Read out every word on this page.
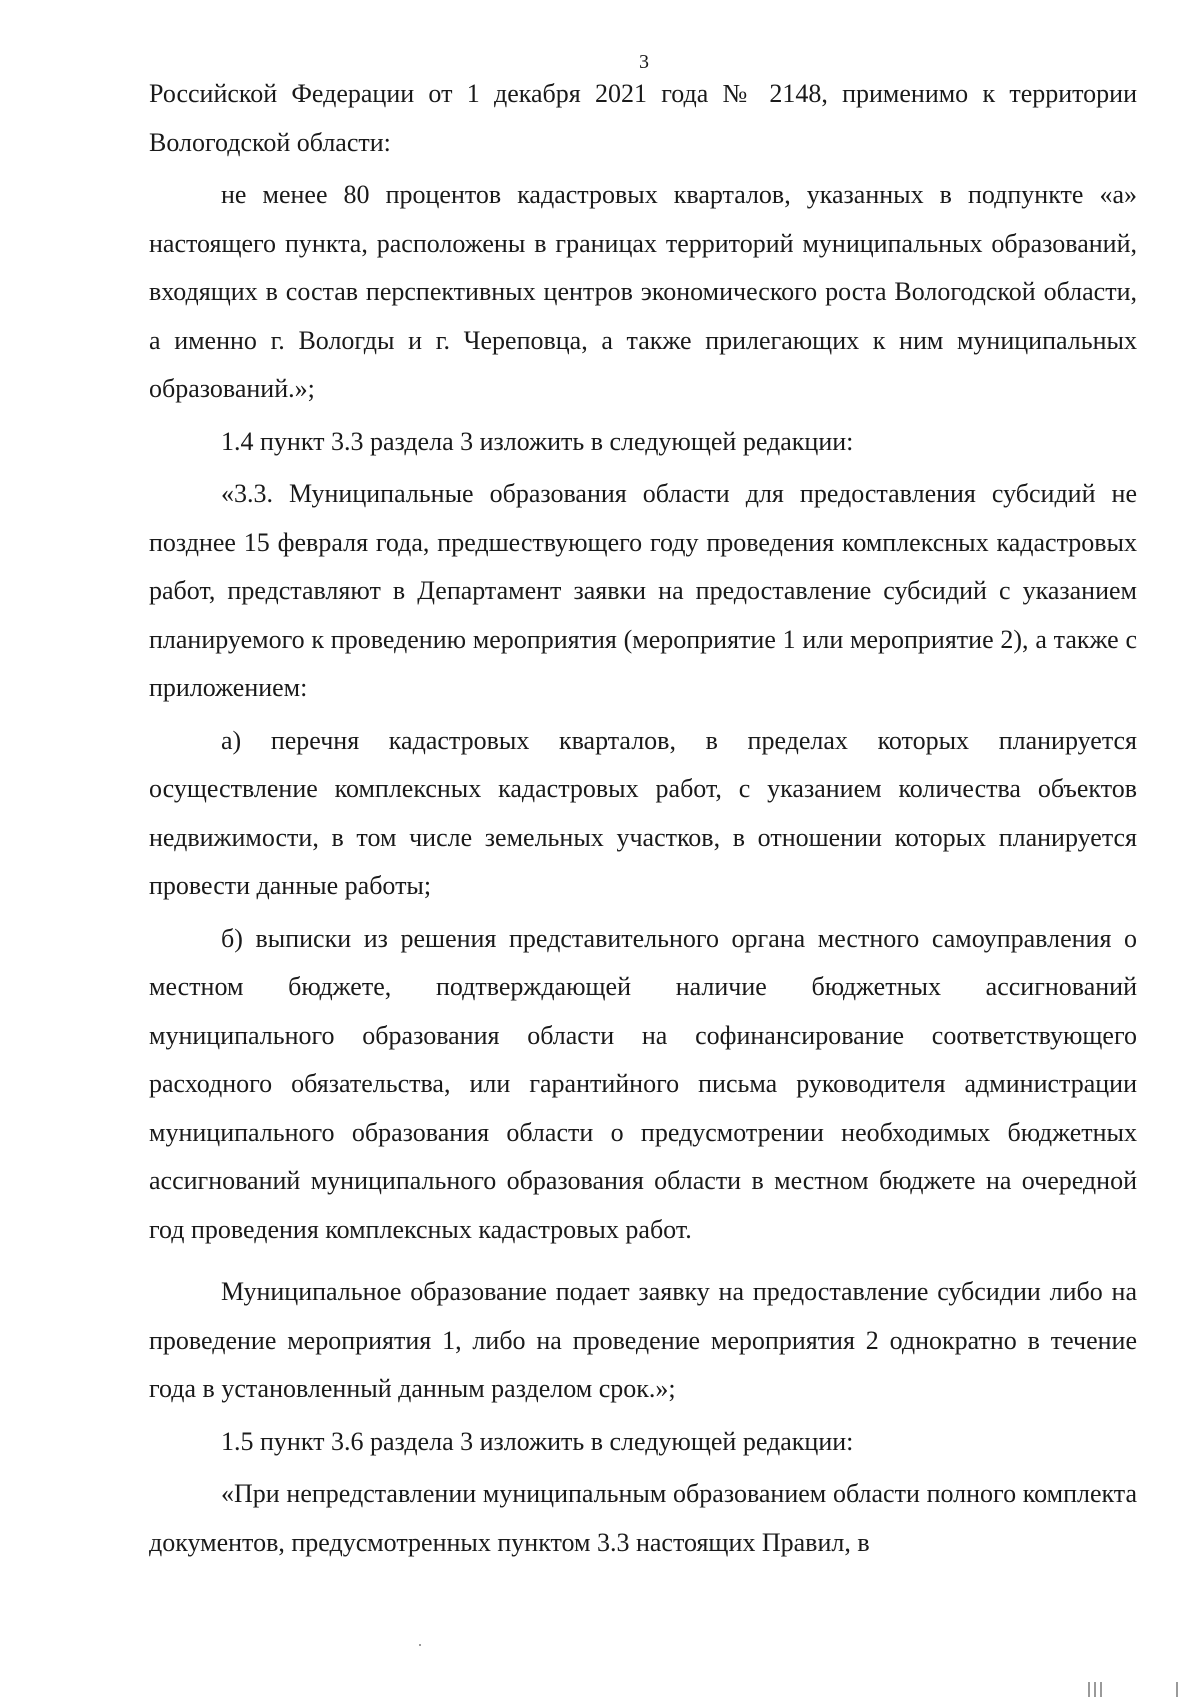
3

Российской Федерации от 1 декабря 2021 года № 2148, применимо к территории Вологодской области:

не менее 80 процентов кадастровых кварталов, указанных в подпункте «а» настоящего пункта, расположены в границах территорий муниципальных образований, входящих в состав перспективных центров экономического роста Вологодской области, а именно г. Вологды и г. Череповца, а также прилегающих к ним муниципальных образований.»;

1.4 пункт 3.3 раздела 3 изложить в следующей редакции:

«3.3. Муниципальные образования области для предоставления субсидий не позднее 15 февраля года, предшествующего году проведения комплексных кадастровых работ, представляют в Департамент заявки на предоставление субсидий с указанием планируемого к проведению мероприятия (мероприятие 1 или мероприятие 2), а также с приложением:

а) перечня кадастровых кварталов, в пределах которых планируется осуществление комплексных кадастровых работ, с указанием количества объектов недвижимости, в том числе земельных участков, в отношении которых планируется провести данные работы;

б) выписки из решения представительного органа местного самоуправления о местном бюджете, подтверждающей наличие бюджетных ассигнований муниципального образования области на софинансирование соответствующего расходного обязательства, или гарантийного письма руководителя администрации муниципального образования области о предусмотрении необходимых бюджетных ассигнований муниципального образования области в местном бюджете на очередной год проведения комплексных кадастровых работ.

Муниципальное образование подает заявку на предоставление субсидии либо на проведение мероприятия 1, либо на проведение мероприятия 2 однократно в течение года в установленный данным разделом срок.»;

1.5 пункт 3.6 раздела 3 изложить в следующей редакции:

«При непредставлении муниципальным образованием области полного комплекта документов, предусмотренных пунктом 3.3 настоящих Правил, в
